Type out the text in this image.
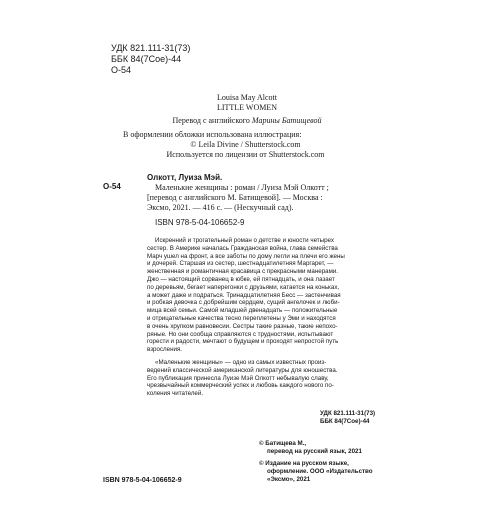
УДК 821.111-31(73)
ББК 84(7Сое)-44
О-54
Louisa May Alcott
LITTLE WOMEN
Перевод с английского Марины Батищевой
В оформлении обложки использована иллюстрация:
© Leila Divine / Shutterstock.com
Используется по лицензии от Shutterstock.com
О-54
Олкотт, Луиза Мэй.
Маленькие женщины : роман / Луиза Мэй Олкотт ;
[перевод с английского М. Батищевой]. — Москва :
Эксмо, 2021. — 416 с. — (Нескучный сад).
ISBN 978-5-04-106652-9
Искренний и трогательный роман о детстве и юности четырех
сестер. В Америке началась Гражданская война, глава семейства
Марч ушел на фронт, а все заботы по дому легли на плечи его жены
и дочерей. Старшая из сестер, шестнадцатилетняя Маргарет, —
женственная и романтичная красавица с прекрасными манерами.
Джо — настоящий сорванец в юбке, ей пятнадцать, и она лазает
по деревьям, бегает наперегонки с друзьями, катается на коньках,
а может даже и подраться. Тринадцатилетняя Бесс — застенчивая
и робкая девочка с добрейшим сердцем, сущий ангелочек и люби-
мица всей семьи. Самой младшей двенадцать — положительные
и отрицательные качества тесно переплетены у Эми и находятся
в очень хрупком равновесии. Сестры такие разные, такие непохо-
ряные. Но они сообща справляются с трудностями, испытывают
горести и радости, мечтают о будущем и проходят непростой путь
взросления.
«Маленькие женщины» — одно из самых известных произ-
ведений классической американской литературы для юношества.
Его публикация принесла Луизе Мэй Олкотт небывалую славу,
чрезвычайный коммерческий успех и любовь каждого нового по-
коления читателей.
УДК 821.111-31(73)
ББК 84(7Сое)-44
© Батищева М.,
перевод на русский язык, 2021
© Издание на русском языке,
оформление. ООО «Издательство
«Эксмо», 2021
ISBN 978-5-04-106652-9
